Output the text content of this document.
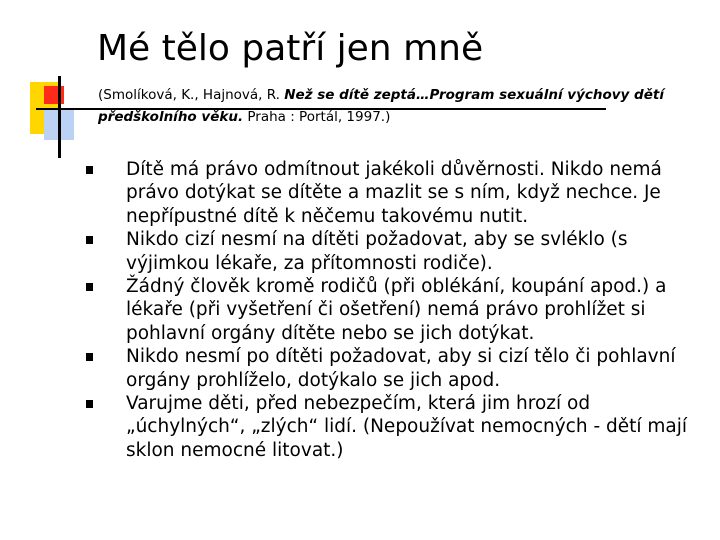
Mé tělo patří jen mně

(Smolíková, K., Hajnová, R. Než se dítě zeptá…Program sexuální výchovy dětí předškolního věku. Praha : Portál, 1997.)

Dítě má právo odmítnout jakékoli důvěrnosti. Nikdo nemá právo dotýkat se dítěte a mazlit se s ním, když nechce. Je nepřípustné dítě k něčemu takovému nutit.
Nikdo cizí nesmí na dítěti požadovat, aby se svléklo (s výjimkou lékaře, za přítomnosti rodiče).
Žádný člověk kromě rodičů (při oblékání, koupání apod.) a lékaře (při vyšetření či ošetření) nemá právo prohlížet si pohlavní orgány dítěte nebo se jich dotýkat.
Nikdo nesmí po dítěti požadovat, aby si cizí tělo či pohlavní orgány prohlíželo, dotýkalo se jich apod.
Varujme děti, před nebezpečím, která jim hrozí od „úchylných“, „zlých“ lidí. (Nepoužívat nemocných - dětí mají sklon nemocné litovat.)
